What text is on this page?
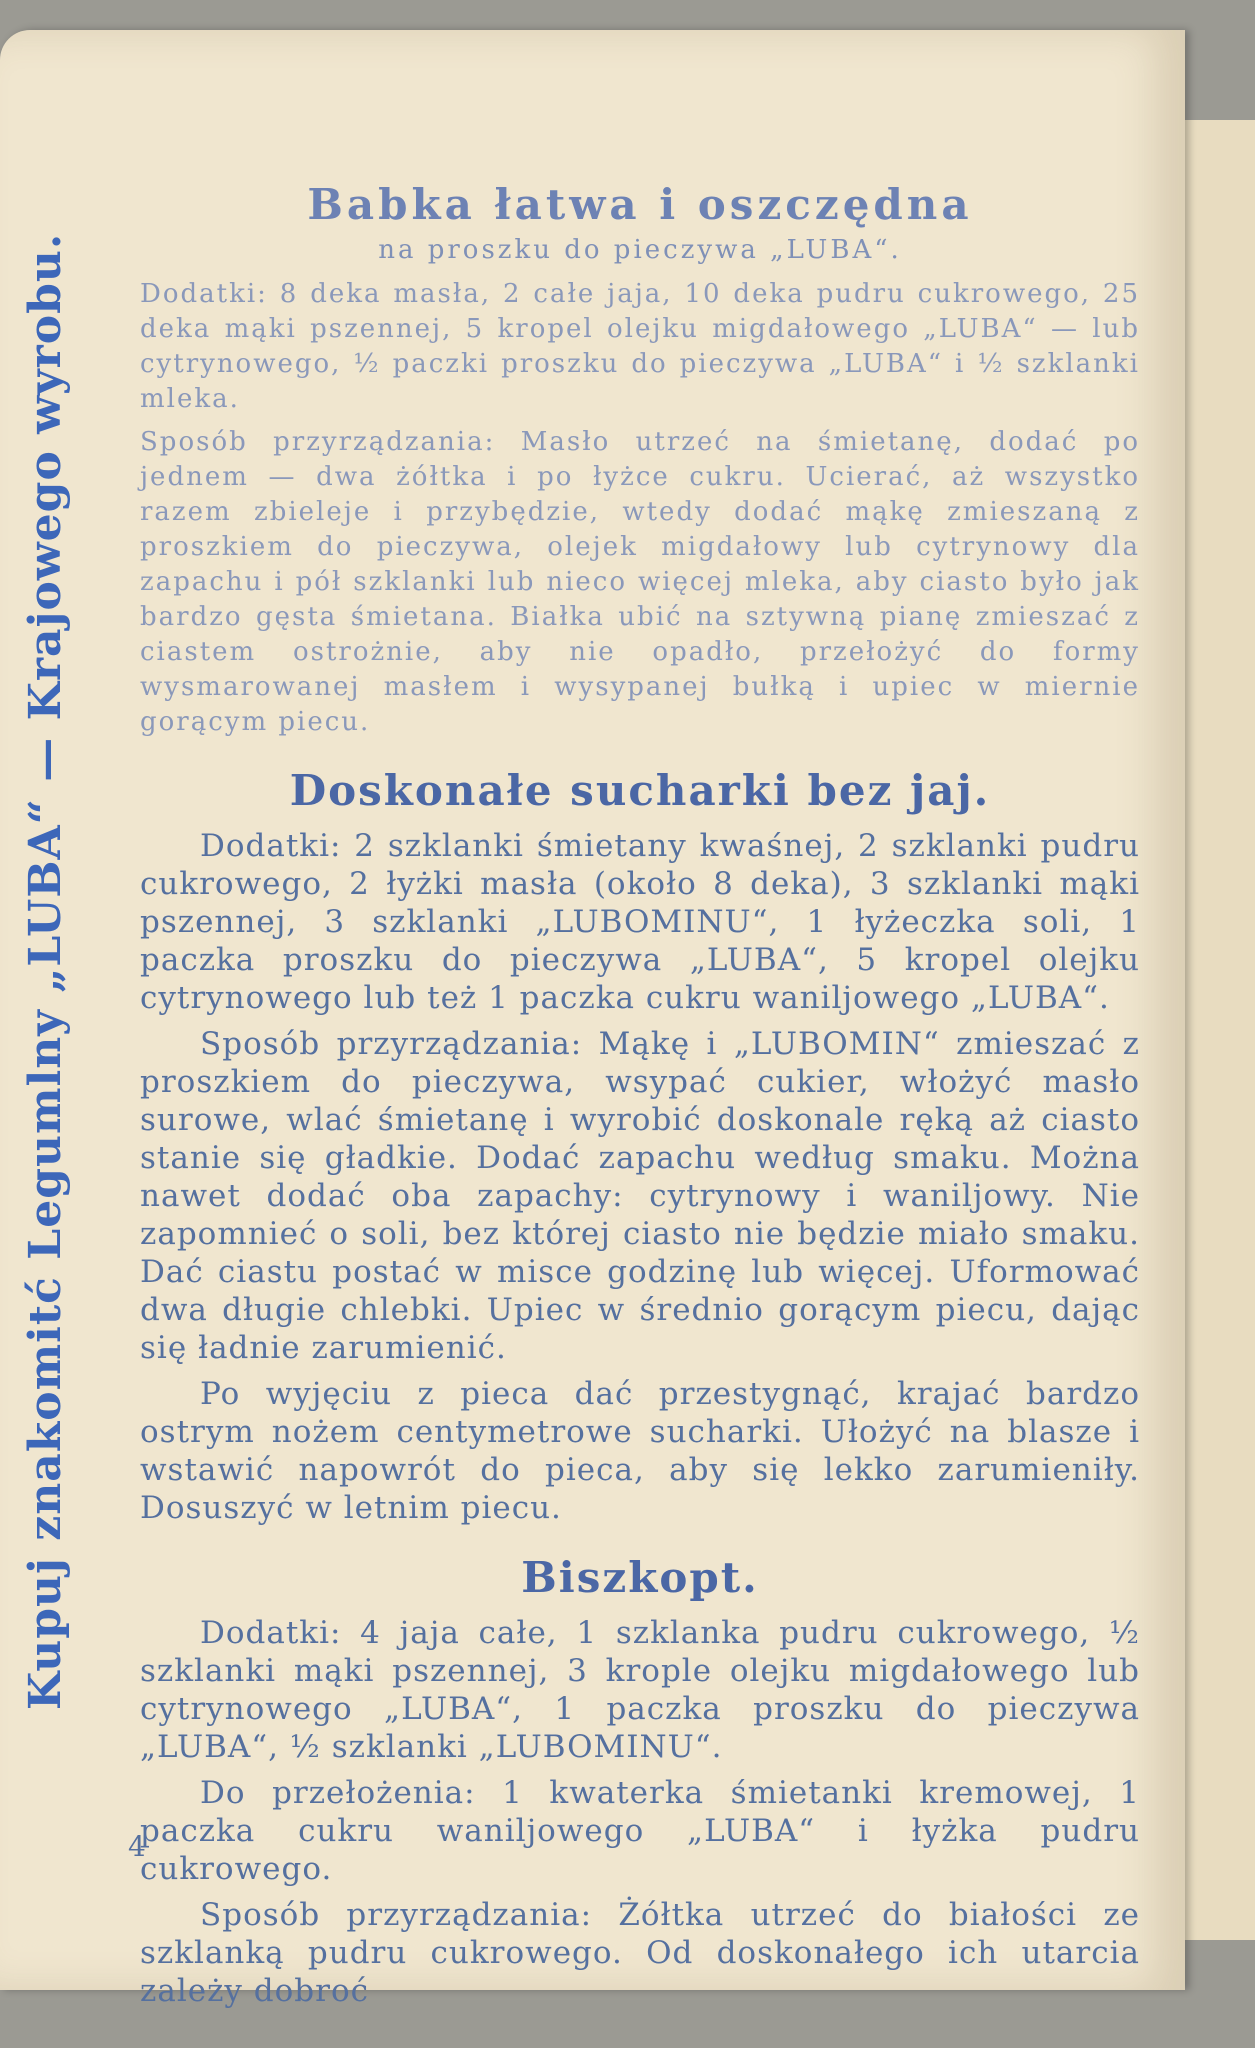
Kupuj znakomitć Legumlny „LUBA“ — Krajowego wyrobu.
Babka łatwa i oszczędna
na proszku do pieczywa „LUBA“.

Dodatki: 8 deka masła, 2 całe jaja, 10 deka pudru cukrowego, 25 deka mąki pszennej, 5 kropel olejku migdałowego „LUBA“ — lub cytrynowego, ½ paczki proszku do pieczywa „LUBA“ i ½ szklanki mleka.

Sposób przyrządzania: Masło utrzeć na śmietanę, dodać po jednem — dwa żółtka i po łyżce cukru. Ucierać, aż wszystko razem zbieleje i przybędzie, wtedy dodać mąkę zmieszaną z proszkiem do pieczywa, olejek migdałowy lub cytrynowy dla zapachu i pół szklanki lub nieco więcej mleka, aby ciasto było jak bardzo gęsta śmietana. Białka ubić na sztywną pianę zmieszać z ciastem ostrożnie, aby nie opadło, przełożyć do formy wysmarowanej masłem i wysypanej bułką i upiec w miernie gorącym piecu.

Doskonałe sucharki bez jaj.

Dodatki: 2 szklanki śmietany kwaśnej, 2 szklanki pudru cukrowego, 2 łyżki masła (około 8 deka), 3 szklanki mąki pszennej, 3 szklanki „LUBOMINU“, 1 łyżeczka soli, 1 paczka proszku do pieczywa „LUBA“, 5 kropel olejku cytrynowego lub też 1 paczka cukru waniljowego „LUBA“.

Sposób przyrządzania: Mąkę i „LUBOMIN“ zmieszać z proszkiem do pieczywa, wsypać cukier, włożyć masło surowe, wlać śmietanę i wyrobić doskonale ręką aż ciasto stanie się gładkie. Dodać zapachu według smaku. Można nawet dodać oba zapachy: cytrynowy i waniljowy. Nie zapomnieć o soli, bez której ciasto nie będzie miało smaku. Dać ciastu postać w misce godzinę lub więcej. Uformować dwa długie chlebki. Upiec w średnio gorącym piecu, dając się ładnie zarumienić.

Po wyjęciu z pieca dać przestygnąć, krajać bardzo ostrym nożem centymetrowe sucharki. Ułożyć na blasze i wstawić napowrót do pieca, aby się lekko zarumieniły. Dosuszyć w letnim piecu.

Biszkopt.

Dodatki: 4 jaja całe, 1 szklanka pudru cukrowego, ½ szklanki mąki pszennej, 3 krople olejku migdałowego lub cytrynowego „LUBA“, 1 paczka proszku do pieczywa „LUBA“, ½ szklanki „LUBOMINU“.

Do przełożenia: 1 kwaterka śmietanki kremowej, 1 paczka cukru waniljowego „LUBA“ i łyżka pudru cukrowego.

Sposób przyrządzania: Żółtka utrzeć do białości ze szklanką pudru cukrowego. Od doskonałego ich utarcia zależy dobroć

4
